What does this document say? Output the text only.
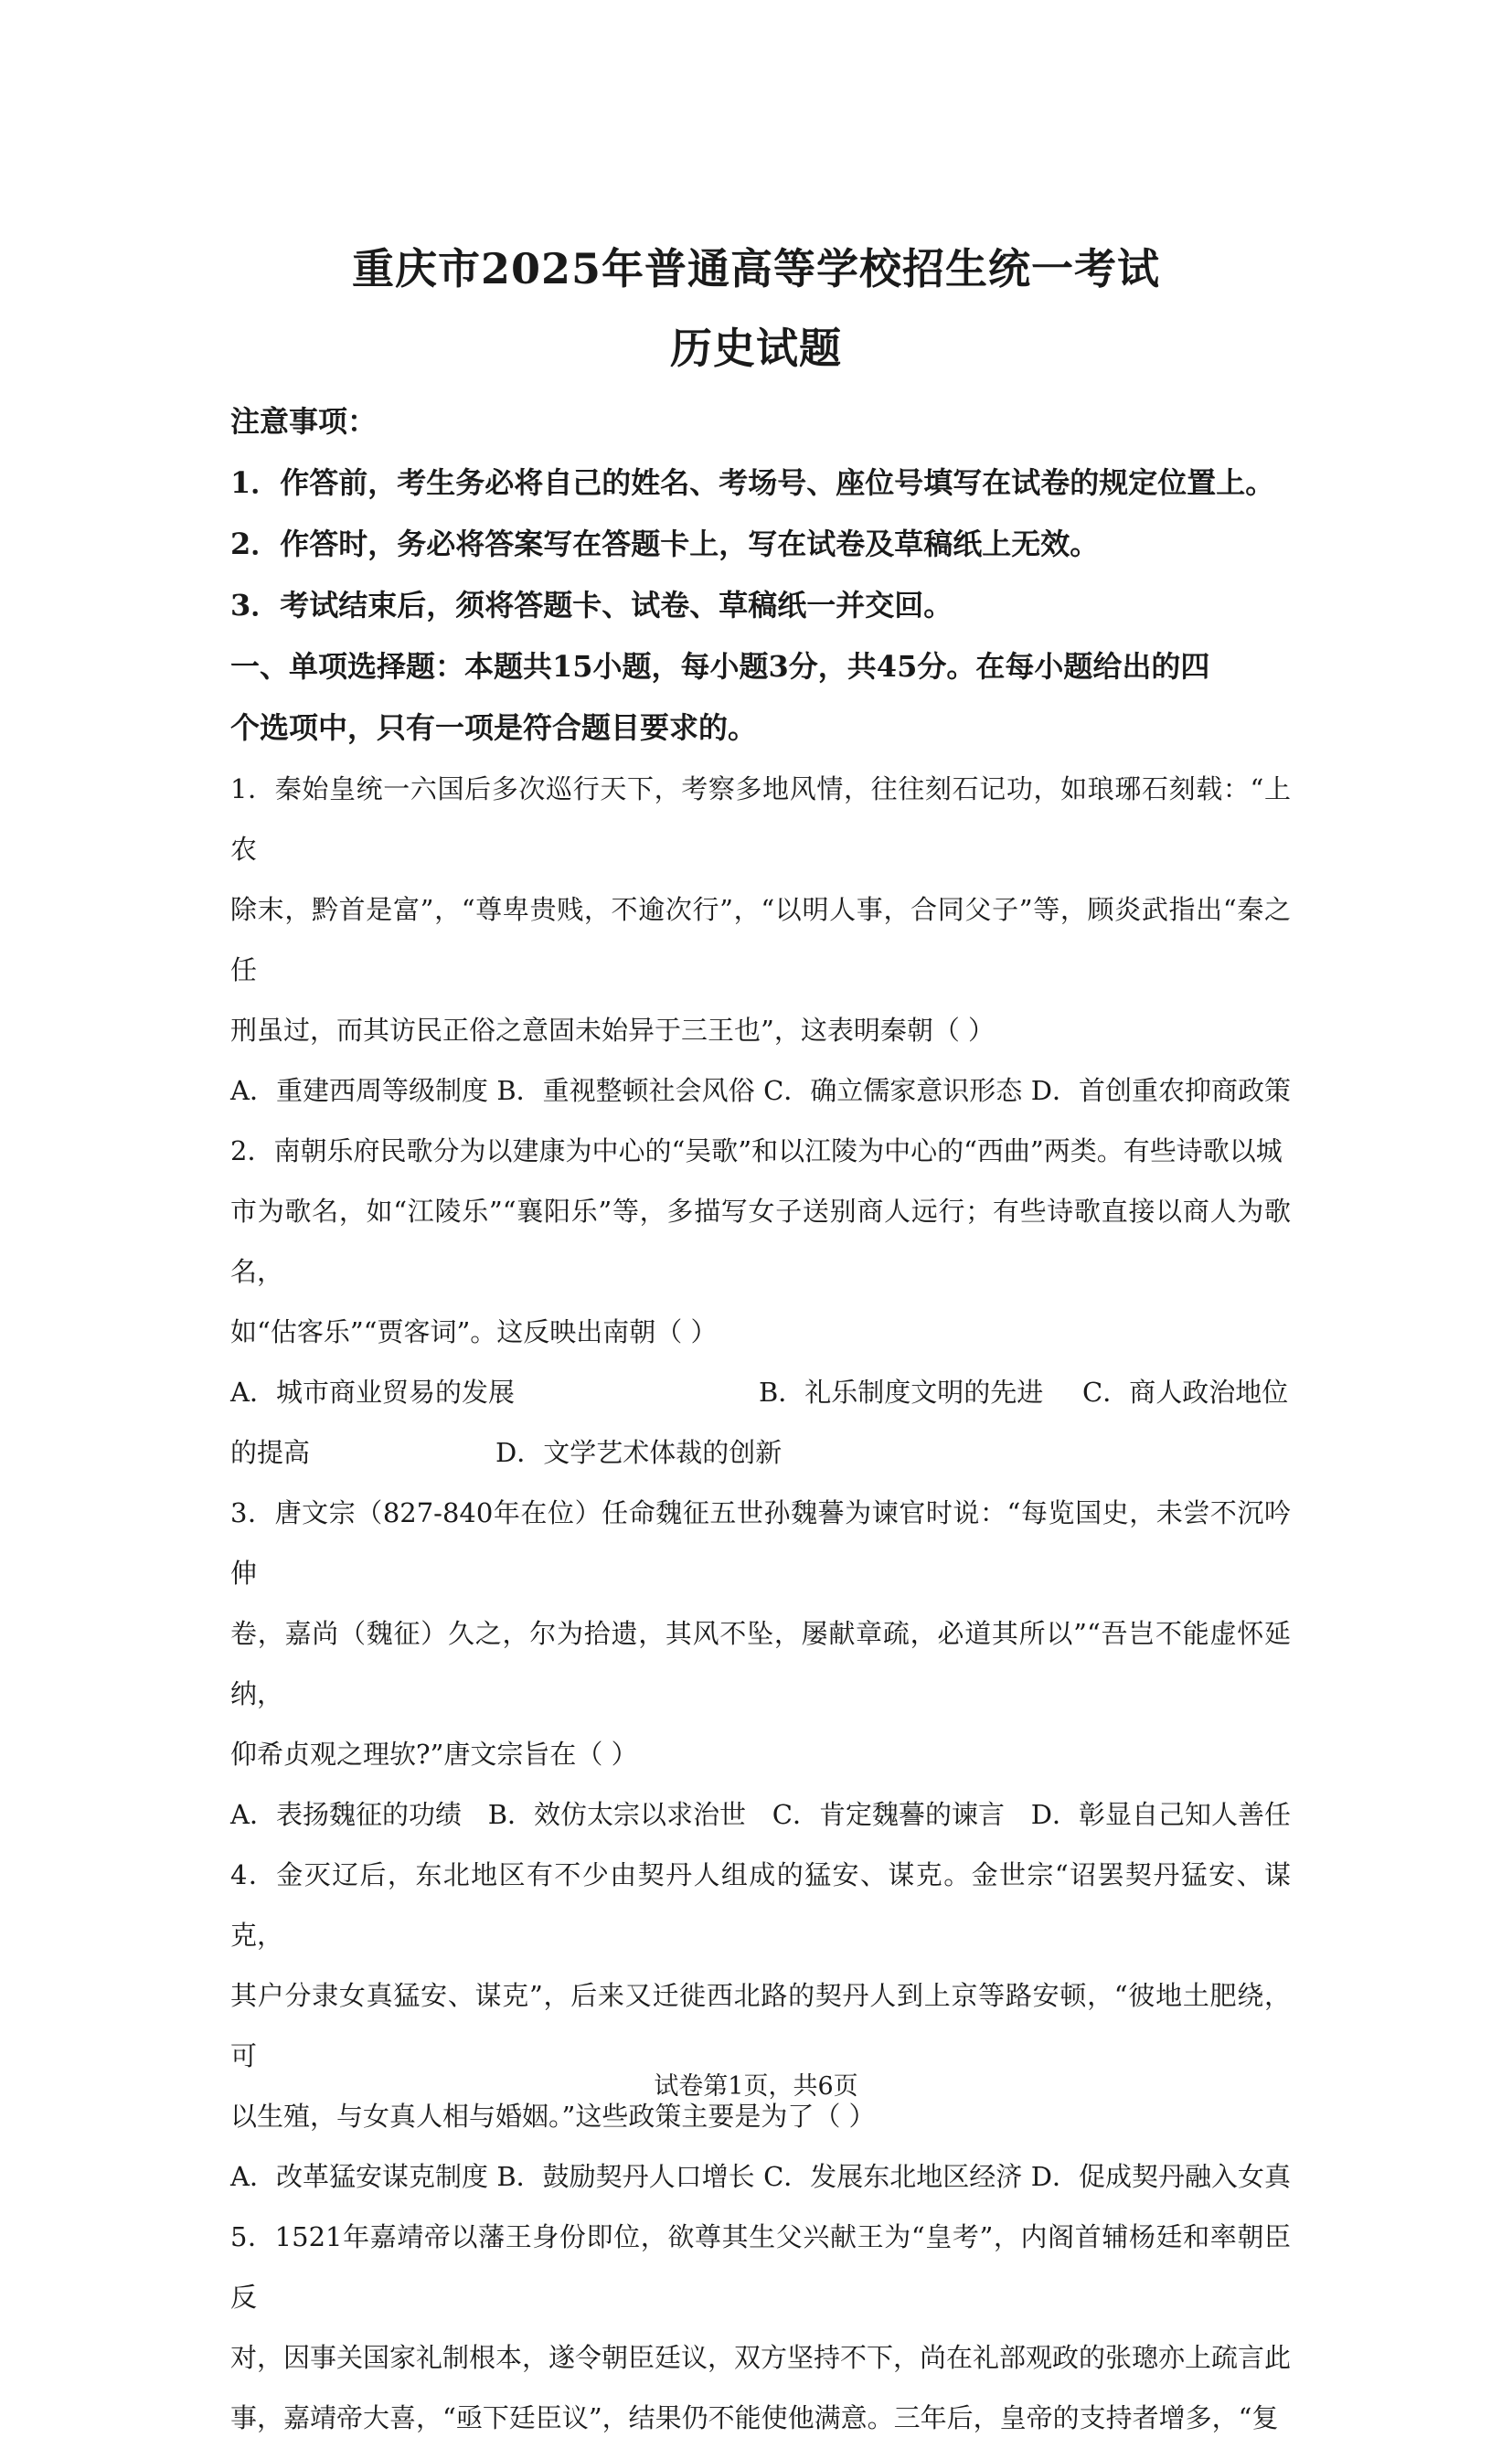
重庆市2025年普通高等学校招生统一考试
历史试题

注意事项：

1．作答前，考生务必将自己的姓名、考场号、座位号填写在试卷的规定位置上。

2．作答时，务必将答案写在答题卡上，写在试卷及草稿纸上无效。

3．考试结束后，须将答题卡、试卷、草稿纸一并交回。

一、单项选择题：本题共15小题，每小题3分，共45分。在每小题给出的四

个选项中，只有一项是符合题目要求的。

1．秦始皇统一六国后多次巡行天下，考察多地风情，往往刻石记功，如琅琊石刻载：“上农

除末，黔首是富”，“尊卑贵贱，不逾次行”，“以明人事，合同父子”等，顾炎武指出“秦之任

刑虽过，而其访民正俗之意固未始异于三王也”，这表明秦朝（ ）

A．重建西周等级制度 B．重视整顿社会风俗 C．确立儒家意识形态 D．首创重农抑商政策

2．南朝乐府民歌分为以建康为中心的“吴歌”和以江陵为中心的“西曲”两类。有些诗歌以城

市为歌名，如“江陵乐”“襄阳乐”等，多描写女子送别商人远行；有些诗歌直接以商人为歌名，

如“估客乐”“贾客词”。这反映出南朝（ ）

A．城市商业贸易的发展	B．礼乐制度文明的先进	C．商人政治地位
的提高	D．文学艺术体裁的创新

3．唐文宗（827-840年在位）任命魏征五世孙魏謩为谏官时说：“每览国史，未尝不沉吟伸

卷，嘉尚（魏征）久之，尔为拾遗，其风不坠，屡献章疏，必道其所以”“吾岂不能虚怀延纳，

仰希贞观之理欤?”唐文宗旨在（ ）

A．表扬魏征的功绩 B．效仿太宗以求治世 C．肯定魏謩的谏言 D．彰显自己知人善任

4．金灭辽后，东北地区有不少由契丹人组成的猛安、谋克。金世宗“诏罢契丹猛安、谋克，

其户分隶女真猛安、谋克”，后来又迁徙西北路的契丹人到上京等路安顿，“彼地土肥绕，可

以生殖，与女真人相与婚姻。”这些政策主要是为了（ ）

A．改革猛安谋克制度 B．鼓励契丹人口增长 C．发展东北地区经济 D．促成契丹融入女真

5．1521年嘉靖帝以藩王身份即位，欲尊其生父兴献王为“皇考”，内阁首辅杨廷和率朝臣反

对，因事关国家礼制根本，遂令朝臣廷议，双方坚持不下，尚在礼部观政的张璁亦上疏言此

事，嘉靖帝大喜，“亟下廷臣议”，结果仍不能使他满意。三年后，皇帝的支持者增多，“复

试卷第1页，共6页
